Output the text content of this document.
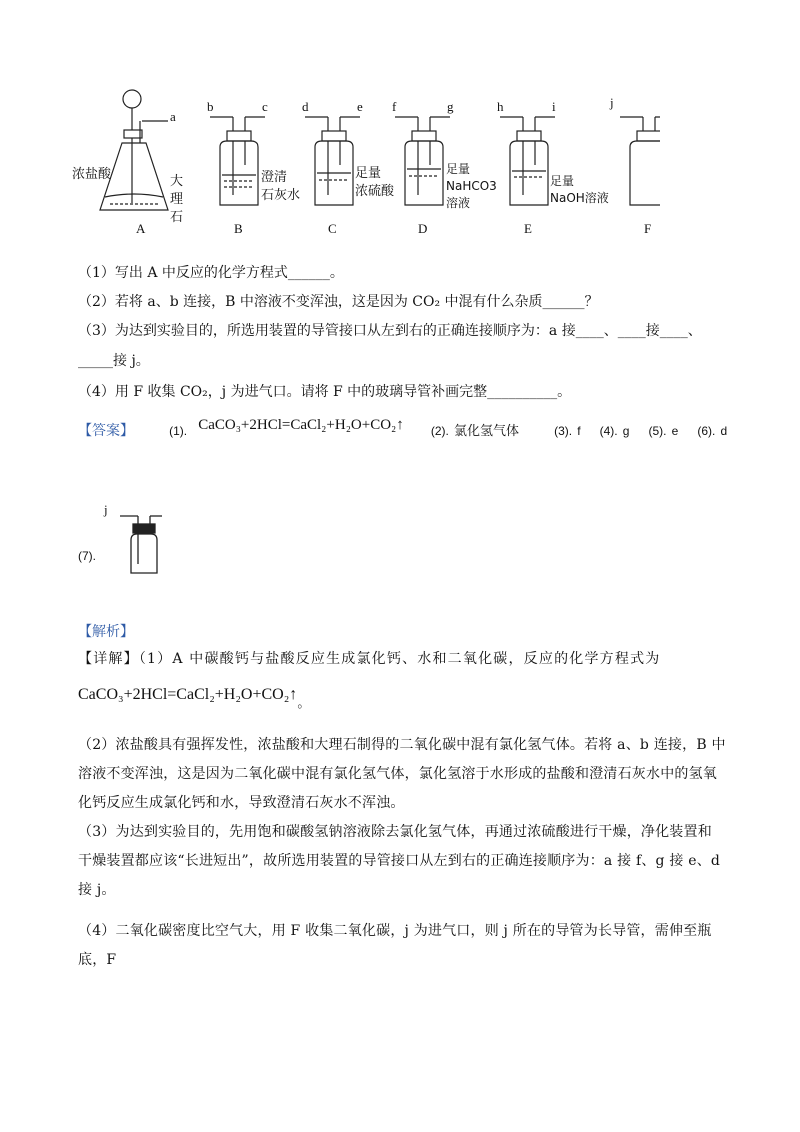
a
b	c	d	e f	g	h	i	j
浓盐酸	大
理
石
澄清
石灰水
足量
浓硫酸
足量
NaHCO3
溶液
足量
NaOH溶液
A	B	C	D	E	F
（1）写出 A 中反应的化学方程式______。
（2）若将 a、b 连接，B 中溶液不变浑浊，这是因为 CO₂ 中混有什么杂质______？
（3）为达到实验目的，所选用装置的导管接口从左到右的正确连接顺序为：a 接____、____接____、
_____接 j。
（4）用 F 收集 CO₂，j 为进气口。请将 F 中的玻璃导管补画完整__________。
【答案】	(1). CaCO₃+2HCl=CaCl₂+H₂O+CO₂↑ (2). 氯化氢气体	(3). f (4). g (5). e (6). d
(7).
j
【解析】
【详解】（1）A 中碳酸钙与盐酸反应生成氯化钙、水和二氧化碳，反应的化学方程式为
$CaCO_3+2HCl=CaCl_2+H_2O+CO_2↑_。$
（2）浓盐酸具有强挥发性，浓盐酸和大理石制得的二氧化碳中混有氯化氢气体。若将 a、b 连接，B 中溶液不变浑浊，这是因为二氧化碳中混有氯化氢气体，氯化氢溶于水形成的盐酸和澄清石灰水中的氢氧化钙反应生成氯化钙和水，导致澄清石灰水不浑浊。
（3）为达到实验目的，先用饱和碳酸氢钠溶液除去氯化氢气体，再通过浓硫酸进行干燥，净化装置和干燥装置都应该“长进短出”，故所选用装置的导管接口从左到右的正确连接顺序为：a 接 f、g 接 e、d 接 j。
（4）二氧化碳密度比空气大，用 F 收集二氧化碳，j 为进气口，则 j 所在的导管为长导管，需伸至瓶底，F
